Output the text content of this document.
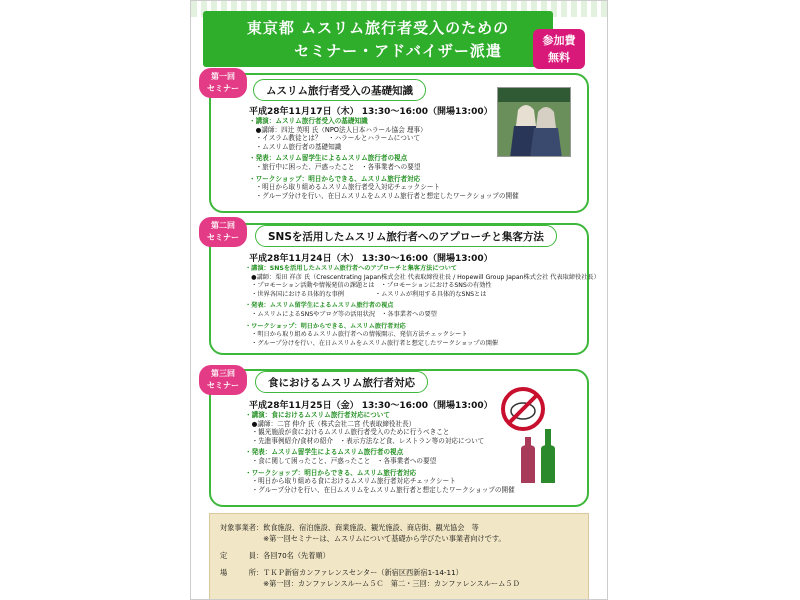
東京都 ムスリム旅行者受入のための
セミナー・アドバイザー派遣
参加費
無料
第一回
セミナー	ムスリム旅行者受入の基礎知識
平成28年11月17日（木） 13:30～16:00（開場13:00）
・講演：ムスリム旅行者受入の基礎知識
　●講師：四辻 英明 氏（NPO法人日本ハラール協会 理事）
　・イスラム教徒とは？　・ハラールとハラームについて
　・ムスリム旅行者の基礎知識
・発表：ムスリム留学生によるムスリム旅行者の視点
　・旅行中に困った、戸惑ったこと　・各事業者への要望
・ワークショップ：明日からできる、ムスリム旅行者対応
　・明日から取り組めるムスリム旅行者受入対応チェックシート
　・グループ分けを行い、在日ムスリムをムスリム旅行者と想定したワークショップの開催
第二回
セミナー	SNSを活用したムスリム旅行者へのアプローチと集客方法
平成28年11月24日（木） 13:30～16:00（開場13:00）
・講演：SNSを活用したムスリム旅行者へのアプローチと集客方法について
　●講師：栗田 祥彦 氏（Crescentrating Japan株式会社 代表取締役社長 / Hopewill Group Japan株式会社 代表取締役社長）
　・プロモーション活動や情報発信の課題とは　・プロモーションにおけるSNSの有効性
　・世界各国における具体的な事例　　　　　・ムスリムが利用する具体的なSNSとは
・発表：ムスリム留学生によるムスリム旅行者の視点
　・ムスリムによるSNSやブログ等の活用状況　・各事業者への要望
・ワークショップ：明日からできる、ムスリム旅行者対応
　・明日から取り組めるムスリム旅行者への情報開示、発信方法チェックシート
　・グループ分けを行い、在日ムスリムをムスリム旅行者と想定したワークショップの開催
第三回
セミナー	食におけるムスリム旅行者対応
平成28年11月25日（金） 13:30～16:00（開場13:00）
・講演：食におけるムスリム旅行者対応について
　●講師：二宮 伸介 氏（株式会社二宮 代表取締役社長）
　・観光施設が食におけるムスリム旅行者受入のために行うべきこと
　・先進事例紹介/食材の紹介　・表示方法など食、レストラン等の対応について
・発表：ムスリム留学生によるムスリム旅行者の視点
　・食に関して困ったこと、戸惑ったこと　・各事業者への要望
・ワークショップ：明日からできる、ムスリム旅行者対応
　・明日から取り組める食におけるムスリム旅行者対応チェックシート
　・グループ分けを行い、在日ムスリムをムスリム旅行者と想定したワークショップの開催
対象事業者：飲食施設、宿泊施設、商業施設、観光施設、商店街、観光協会　等
　　　　　　※第一回セミナーは、ムスリムについて基礎から学びたい事業者向けです。
定　　　員：各回70名（先着順）
場　　　所：ＴＫＰ新宿カンファレンスセンター（新宿区西新宿1-14-11）
　　　　　　※第一回：カンファレンスルーム５Ｃ　第二・三回：カンファレンスルーム５Ｄ
